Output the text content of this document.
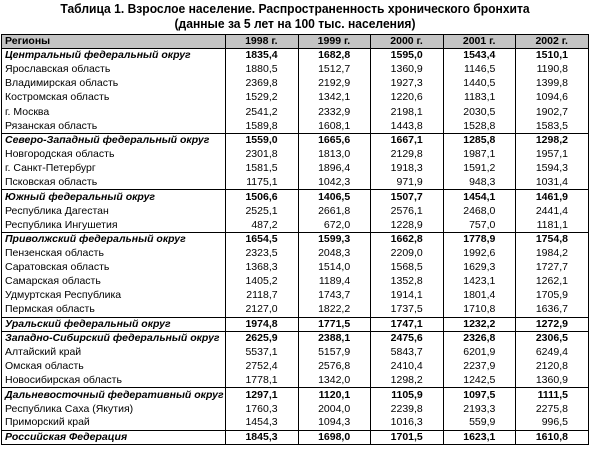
Таблица 1. Взрослое население. Распространенность хронического бронхита
(данные за 5 лет на 100 тыс. населения)
Регионы	1998 г.	1999 г.	2000 г.	2001 г.	2002 г.
Центральный федеральный округ	1835,4	1682,8	1595,0	1543,4	1510,1
Ярославская область	1880,5	1512,7	1360,9	1146,5	1190,8
Владимирская область	2369,8	2192,9	1927,3	1440,5	1399,8
Костромская область	1529,2	1342,1	1220,6	1183,1	1094,6
г. Москва	2541,2	2332,9	2198,1	2030,5	1902,7
Рязанская область	1589,8	1608,1	1443,8	1528,8	1583,5
Северо-Западный федеральный округ	1559,0	1665,6	1667,1	1285,8	1298,2
Новгородская область	2301,8	1813,0	2129,8	1987,1	1957,1
г. Санкт-Петербург	1581,5	1896,4	1918,3	1591,2	1594,3
Псковская область	1175,1	1042,3	971,9	948,3	1031,4
Южный федеральный округ	1506,6	1406,5	1507,7	1454,1	1461,9
Республика Дагестан	2525,1	2661,8	2576,1	2468,0	2441,4
Республика Ингушетия	487,2	672,0	1228,9	757,0	1181,1
Приволжский федеральный округ	1654,5	1599,3	1662,8	1778,9	1754,8
Пензенская область	2323,5	2048,3	2209,0	1992,6	1984,2
Саратовская область	1368,3	1514,0	1568,5	1629,3	1727,7
Самарская область	1405,2	1189,4	1352,8	1423,1	1262,1
Удмуртская Республика	2118,7	1743,7	1914,1	1801,4	1705,9
Пермская область	2127,0	1822,2	1737,5	1710,8	1636,7
Уральский федеральный округ	1974,8	1771,5	1747,1	1232,2	1272,9
Западно-Сибирский федеральный округ	2625,9	2388,1	2475,6	2326,8	2306,5
Алтайский край	5537,1	5157,9	5843,7	6201,9	6249,4
Омская область	2752,4	2576,8	2410,4	2237,9	2120,8
Новосибирская область	1778,1	1342,0	1298,2	1242,5	1360,9
Дальневосточный федеративный округ	1297,1	1120,1	1105,9	1097,5	1111,5
Республика Саха (Якутия)	1760,3	2004,0	2239,8	2193,3	2275,8
Приморский край	1454,3	1094,3	1016,3	559,9	996,5
Российская Федерация	1845,3	1698,0	1701,5	1623,1	1610,8
